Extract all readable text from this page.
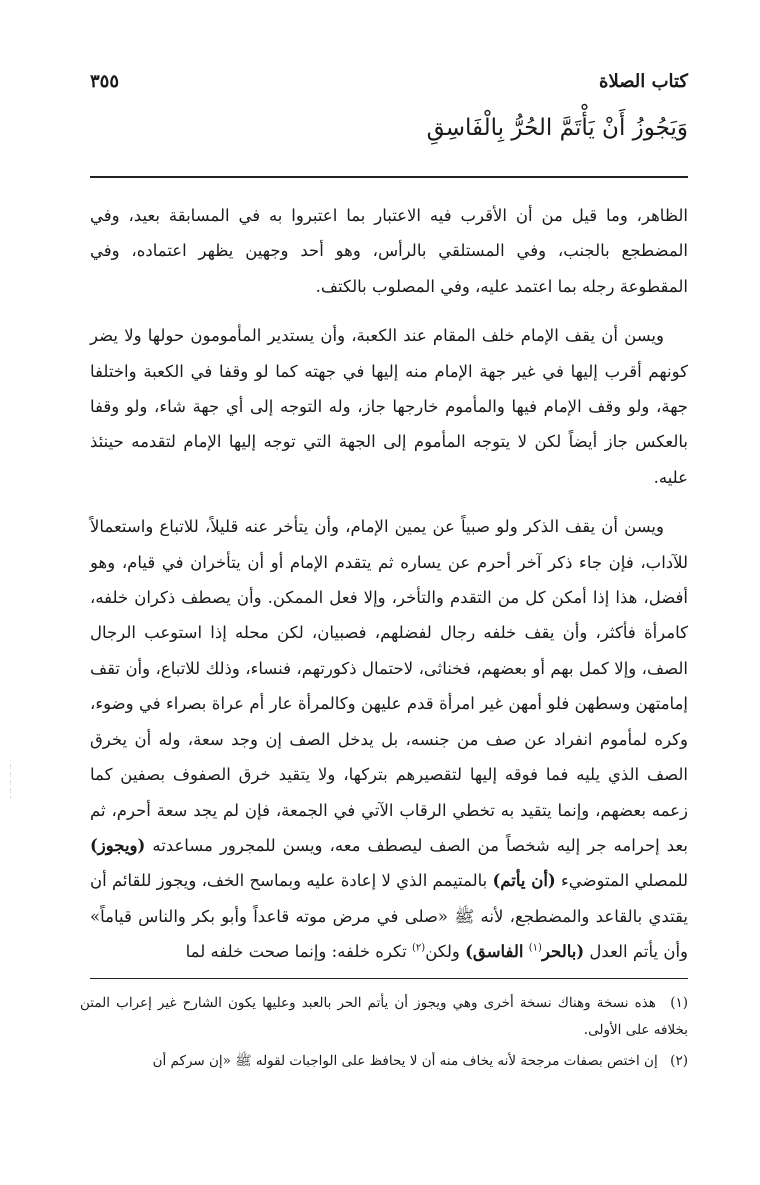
كتاب الصلاة
٣٥٥
وَيَجُوزُ أَنْ يَأْتَمَّ الحُرُّ بِالْفَاسِقِ

الظاهر، وما قيل من أن الأقرب فيه الاعتبار بما اعتبروا به في المسابقة بعيد، وفي المضطجع بالجنب، وفي المستلقي بالرأس، وهو أحد وجهين يظهر اعتماده، وفي المقطوعة رجله بما اعتمد عليه، وفي المصلوب بالكتف.

ويسن أن يقف الإمام خلف المقام عند الكعبة، وأن يستدير المأمومون حولها ولا يضر كونهم أقرب إليها في غير جهة الإمام منه إليها في جهته كما لو وقفا في الكعبة واختلفا جهة، ولو وقف الإمام فيها والمأموم خارجها جاز، وله التوجه إلى أي جهة شاء، ولو وقفا بالعكس جاز أيضاً لكن لا يتوجه المأموم إلى الجهة التي توجه إليها الإمام لتقدمه حينئذ عليه.

ويسن أن يقف الذكر ولو صبياً عن يمين الإمام، وأن يتأخر عنه قليلاً، للاتباع واستعمالاً للآداب، فإن جاء ذكر آخر أحرم عن يساره ثم يتقدم الإمام أو أن يتأخران في قيام، وهو أفضل، هذا إذا أمكن كل من التقدم والتأخر، وإلا فعل الممكن. وأن يصطف ذكران خلفه، كامرأة فأكثر، وأن يقف خلفه رجال لفضلهم، فصبيان، لكن محله إذا استوعب الرجال الصف، وإلا كمل بهم أو بعضهم، فخناثى، لاحتمال ذكورتهم، فنساء، وذلك للاتباع، وأن تقف إمامتهن وسطهن فلو أمهن غير امرأة قدم عليهن وكالمرأة عار أم عراة بصراء في وضوء، وكره لمأموم انفراد عن صف من جنسه، بل يدخل الصف إن وجد سعة، وله أن يخرق الصف الذي يليه فما فوقه إليها لتقصيرهم بتركها، ولا يتقيد خرق الصفوف بصفين كما زعمه بعضهم، وإنما يتقيد به تخطي الرقاب الآتي في الجمعة، فإن لم يجد سعة أحرم، ثم بعد إحرامه جر إليه شخصاً من الصف ليصطف معه، ويسن للمجرور مساعدته (ويجوز) للمصلي المتوضيء (أن يأتم) بالمتيمم الذي لا إعادة عليه وبماسح الخف، ويجوز للقائم أن يقتدي بالقاعد والمضطجع، لأنه ﷺ «صلى في مرض موته قاعداً وأبو بكر والناس قياماً» وأن يأتم العدل (بالحر$^{(١)}$ الفاسق) ولكن$^{(٢)}$ تكره خلفه: وإنما صحت خلفه لما

(١) هذه نسخة وهناك نسخة أخرى وهي ويجوز أن يأتم الحر بالعبد وعليها يكون الشارح غير إعراب المتن بخلافه على الأولى.

(٢) إن اختص بصفات مرجحة لأنه يخاف منه أن لا يحافظ على الواجبات لقوله ﷺ «إن سركم أن

⁚
⁚
⁚
⁚
⁚
